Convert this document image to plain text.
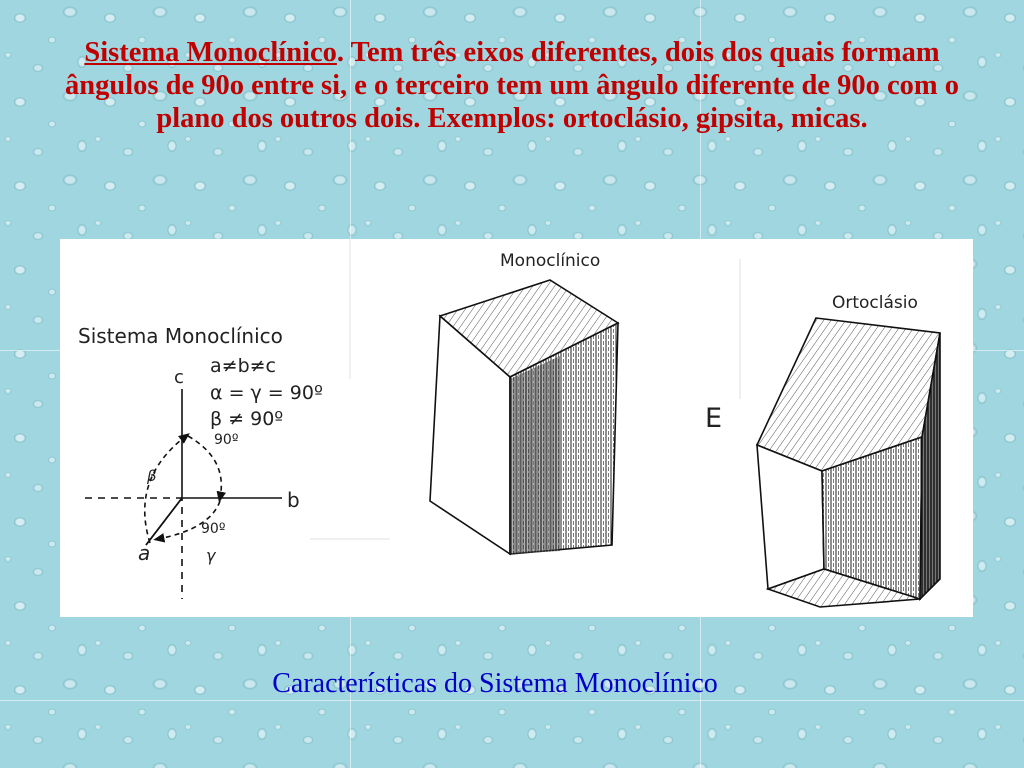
Sistema Monoclínico. Tem três eixos diferentes, dois dos quais formam ângulos de 90o entre si, e o terceiro tem um ângulo diferente de 90o com o plano dos outros dois. Exemplos: ortoclásio, gipsita, micas.
Sistema Monoclínico
a≠b≠c
α = γ = 90º
β ≠ 90º
c
b
a
90º
90º
β
γ
Monoclínico
E
Ortoclásio
Características do Sistema Monoclínico
